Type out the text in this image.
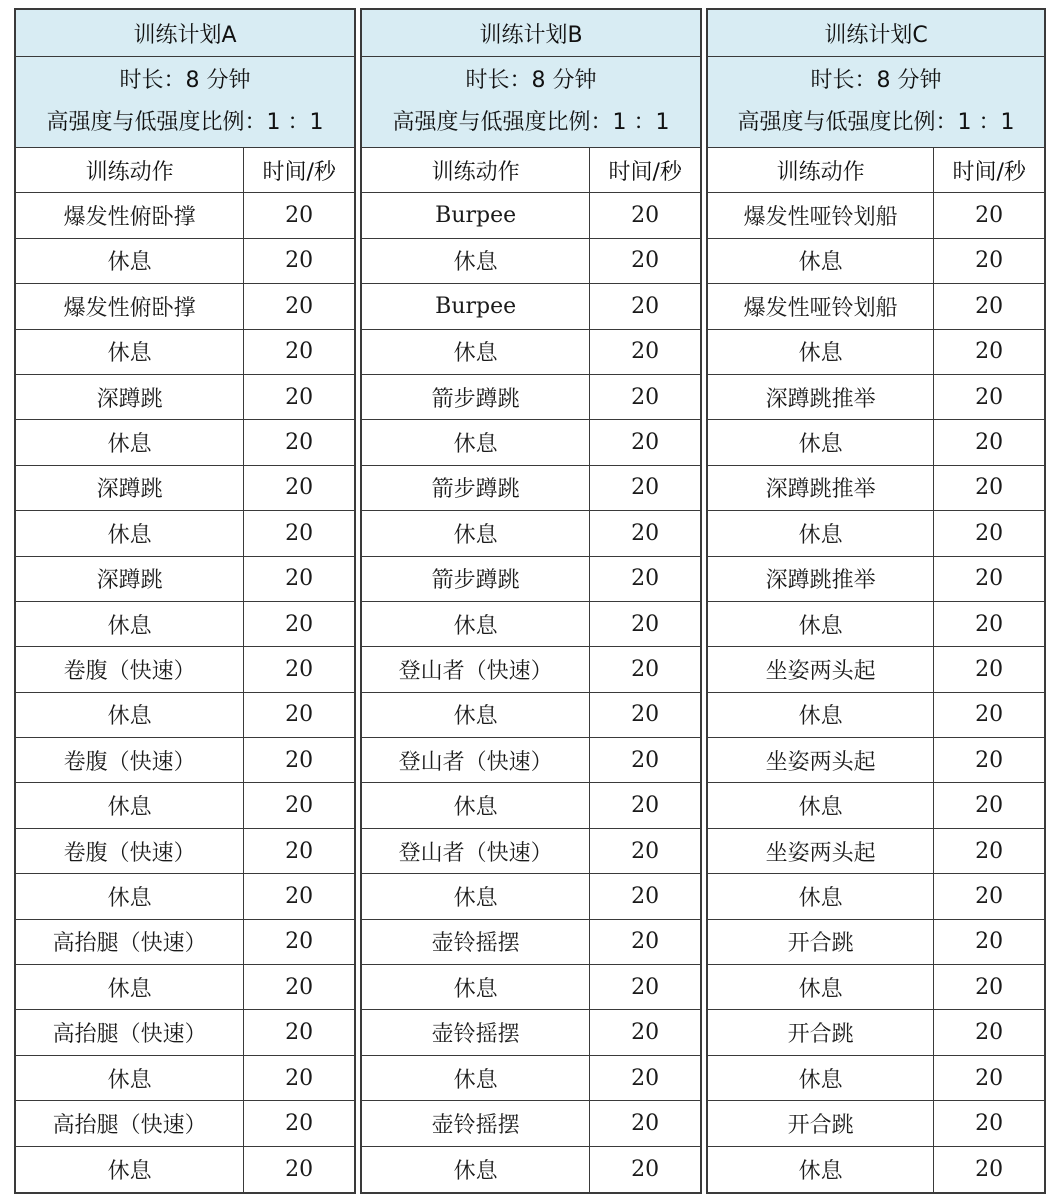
训练计划A
时长：8 分钟
高强度与低强度比例：1 ：1
训练动作	时间/秒
爆发性俯卧撑	20
休息	20
爆发性俯卧撑	20
休息	20
深蹲跳	20
休息	20
深蹲跳	20
休息	20
深蹲跳	20
休息	20
卷腹（快速）	20
休息	20
卷腹（快速）	20
休息	20
卷腹（快速）	20
休息	20
高抬腿（快速）	20
休息	20
高抬腿（快速）	20
休息	20
高抬腿（快速）	20
休息	20
训练计划B
时长：8 分钟
高强度与低强度比例：1 ：1
训练动作	时间/秒
Burpee	20
休息	20
Burpee	20
休息	20
箭步蹲跳	20
休息	20
箭步蹲跳	20
休息	20
箭步蹲跳	20
休息	20
登山者（快速）	20
休息	20
登山者（快速）	20
休息	20
登山者（快速）	20
休息	20
壶铃摇摆	20
休息	20
壶铃摇摆	20
休息	20
壶铃摇摆	20
休息	20
训练计划C
时长：8 分钟
高强度与低强度比例：1 ：1
训练动作	时间/秒
爆发性哑铃划船	20
休息	20
爆发性哑铃划船	20
休息	20
深蹲跳推举	20
休息	20
深蹲跳推举	20
休息	20
深蹲跳推举	20
休息	20
坐姿两头起	20
休息	20
坐姿两头起	20
休息	20
坐姿两头起	20
休息	20
开合跳	20
休息	20
开合跳	20
休息	20
开合跳	20
休息	20
